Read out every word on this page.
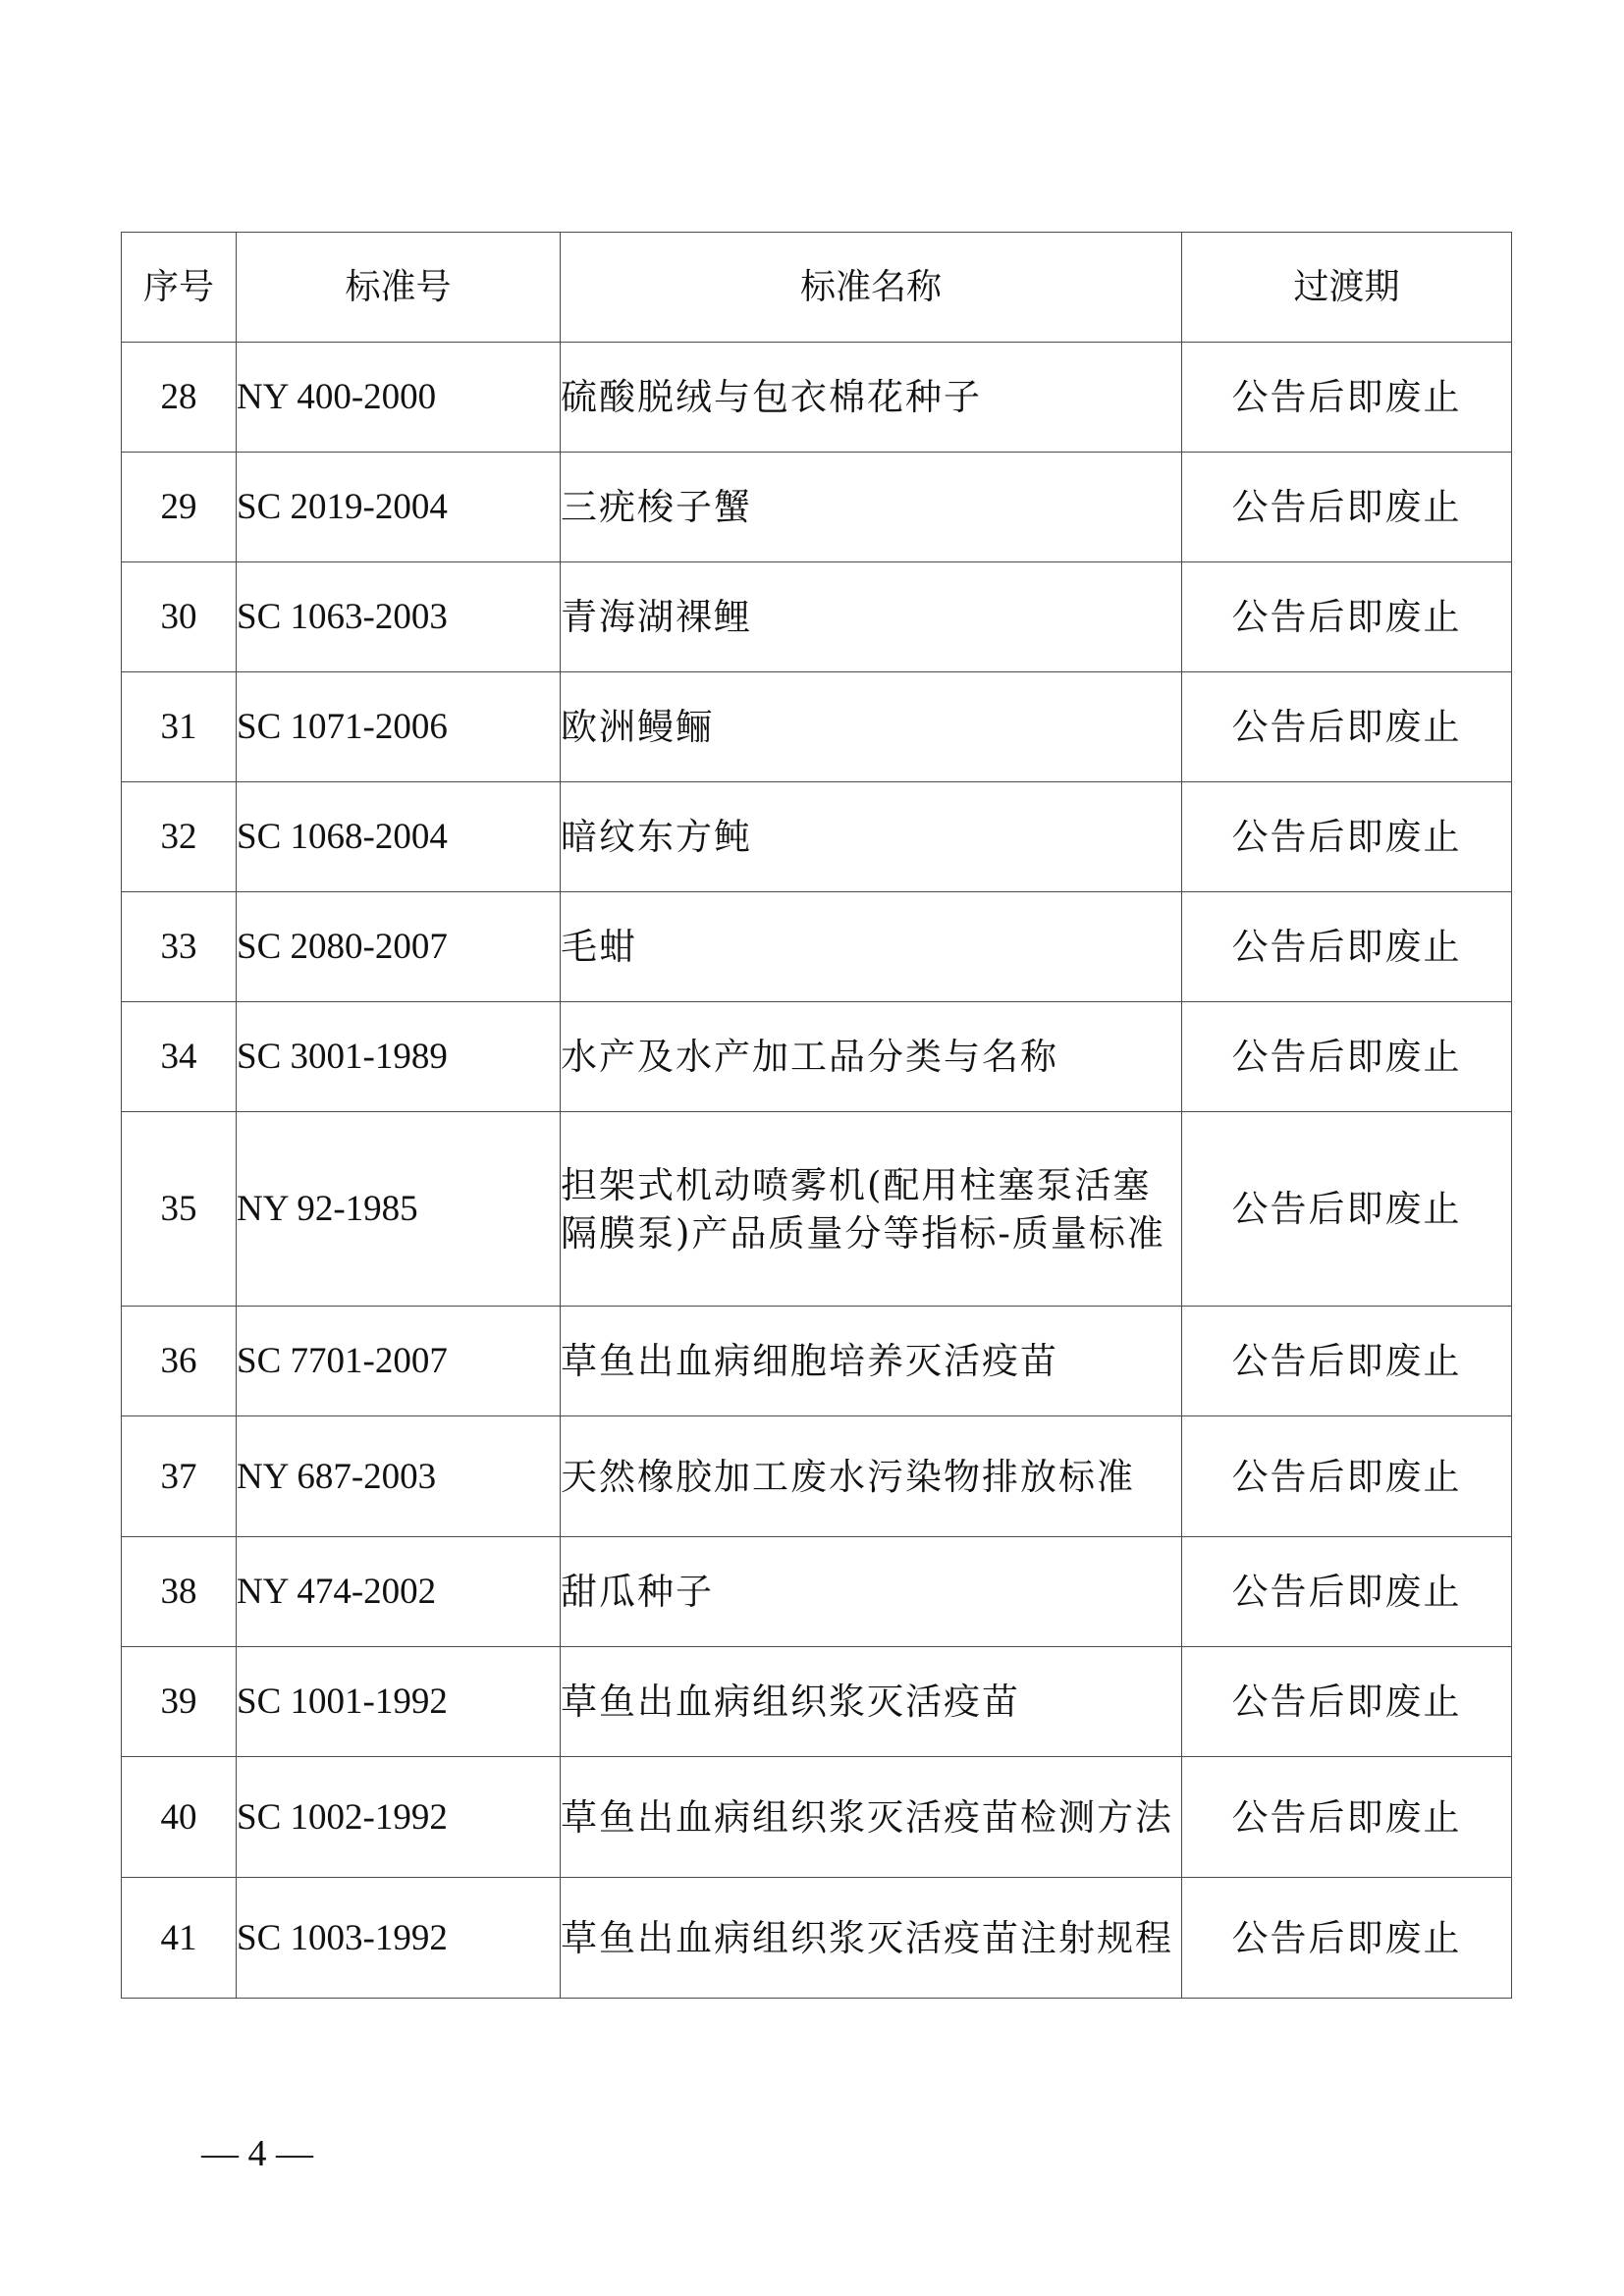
序号	标准号	标准名称	过渡期
28	NY 400-2000	硫酸脱绒与包衣棉花种子	公告后即废止
29	SC 2019-2004	三疣梭子蟹	公告后即废止
30	SC 1063-2003	青海湖裸鲤	公告后即废止
31	SC 1071-2006	欧洲鳗鲡	公告后即废止
32	SC 1068-2004	暗纹东方鲀	公告后即废止
33	SC 2080-2007	毛蚶	公告后即废止
34	SC 3001-1989	水产及水产加工品分类与名称	公告后即废止
35	NY 92-1985	担架式机动喷雾机(配用柱塞泵活塞隔膜泵)产品质量分等指标-质量标准	公告后即废止
36	SC 7701-2007	草鱼出血病细胞培养灭活疫苗	公告后即废止
37	NY 687-2003	天然橡胶加工废水污染物排放标准	公告后即废止
38	NY 474-2002	甜瓜种子	公告后即废止
39	SC 1001-1992	草鱼出血病组织浆灭活疫苗	公告后即废止
40	SC 1002-1992	草鱼出血病组织浆灭活疫苗检测方法	公告后即废止
41	SC 1003-1992	草鱼出血病组织浆灭活疫苗注射规程	公告后即废止
— 4 —
